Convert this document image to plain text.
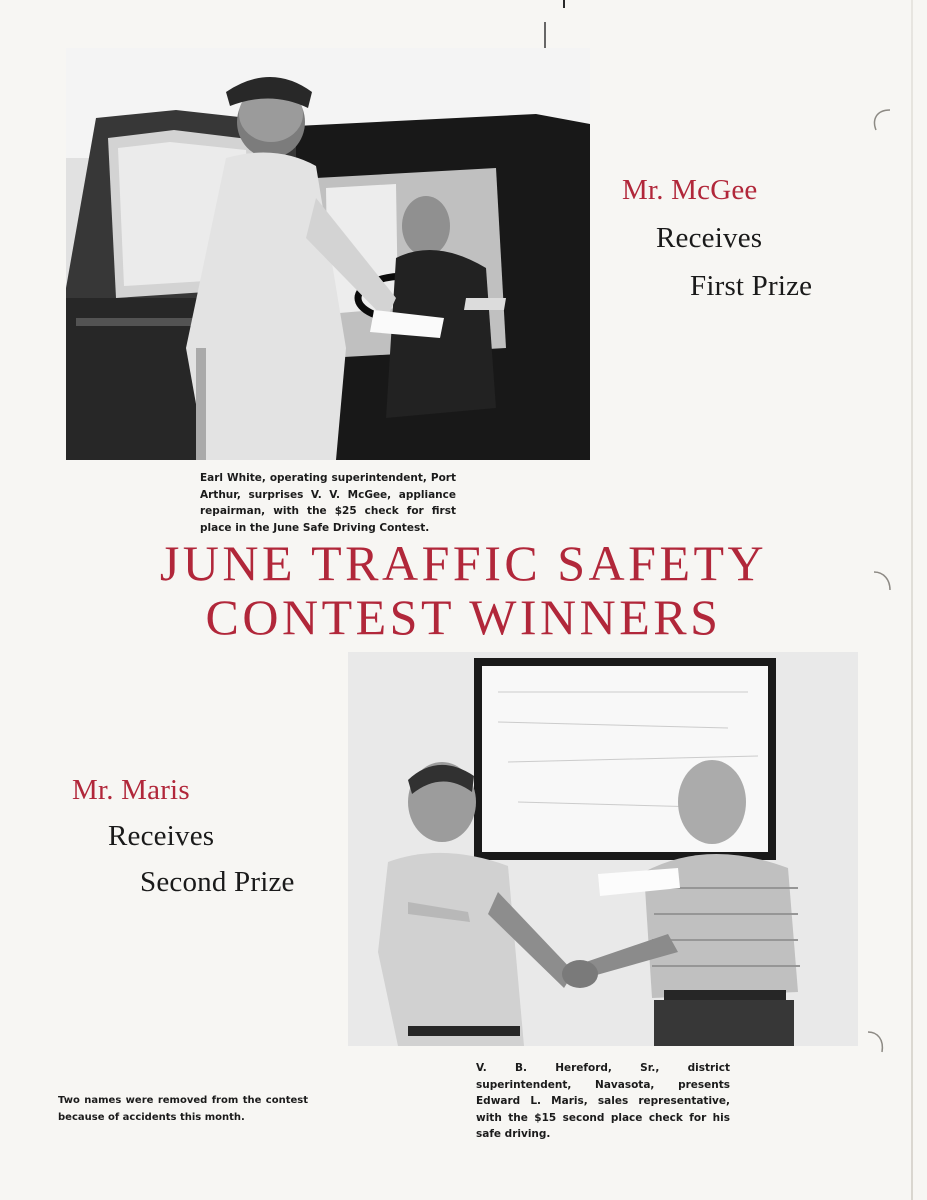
Mr. McGee
Receives
First Prize
Earl White, operating superintendent, Port Arthur, surprises V. V. McGee, appliance repairman, with the $25 check for first place in the June Safe Driving Contest.
JUNE TRAFFIC SAFETY
CONTEST WINNERS
Mr. Maris
Receives
Second Prize
V. B. Hereford, Sr., district superintendent, Navasota, presents Edward L. Maris, sales representative, with the $15 second place check for his safe driving.
Two names were removed from the contest because of accidents this month.
